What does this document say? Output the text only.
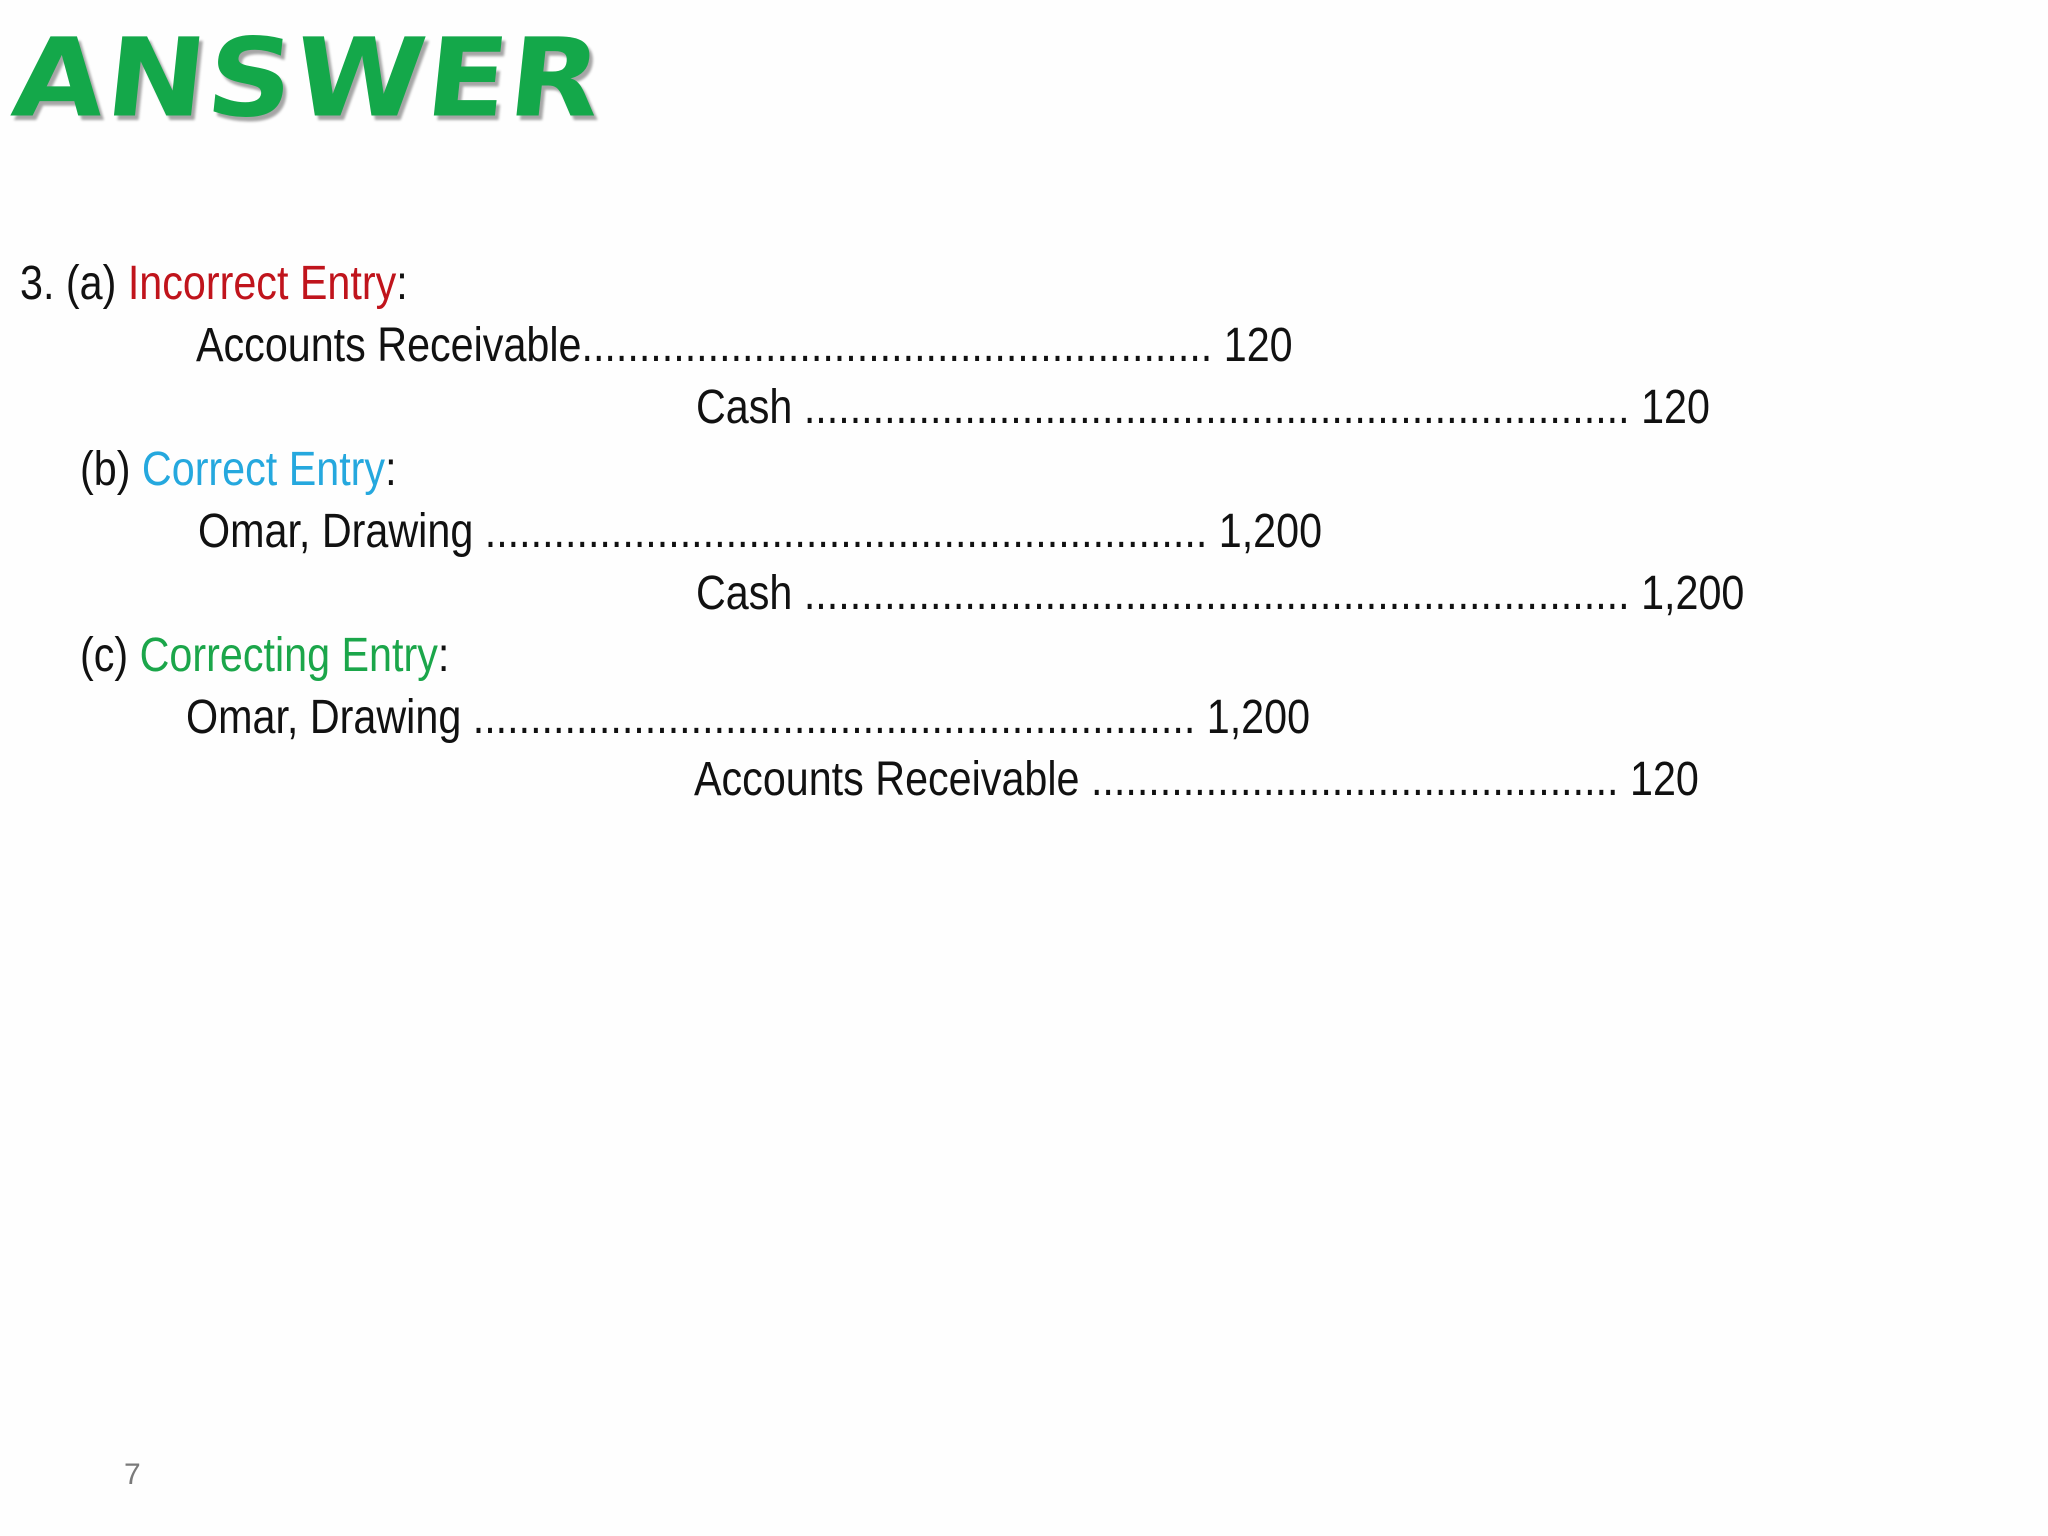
ANSWER
3. (a) Incorrect Entry:
Accounts Receivable....................................................... 120
Cash ........................................................................ 120
(b) Correct Entry:
Omar, Drawing ............................................................... 1,200
Cash ........................................................................ 1,200
(c) Correcting Entry:
Omar, Drawing ............................................................... 1,200
Accounts Receivable .............................................. 120
7
